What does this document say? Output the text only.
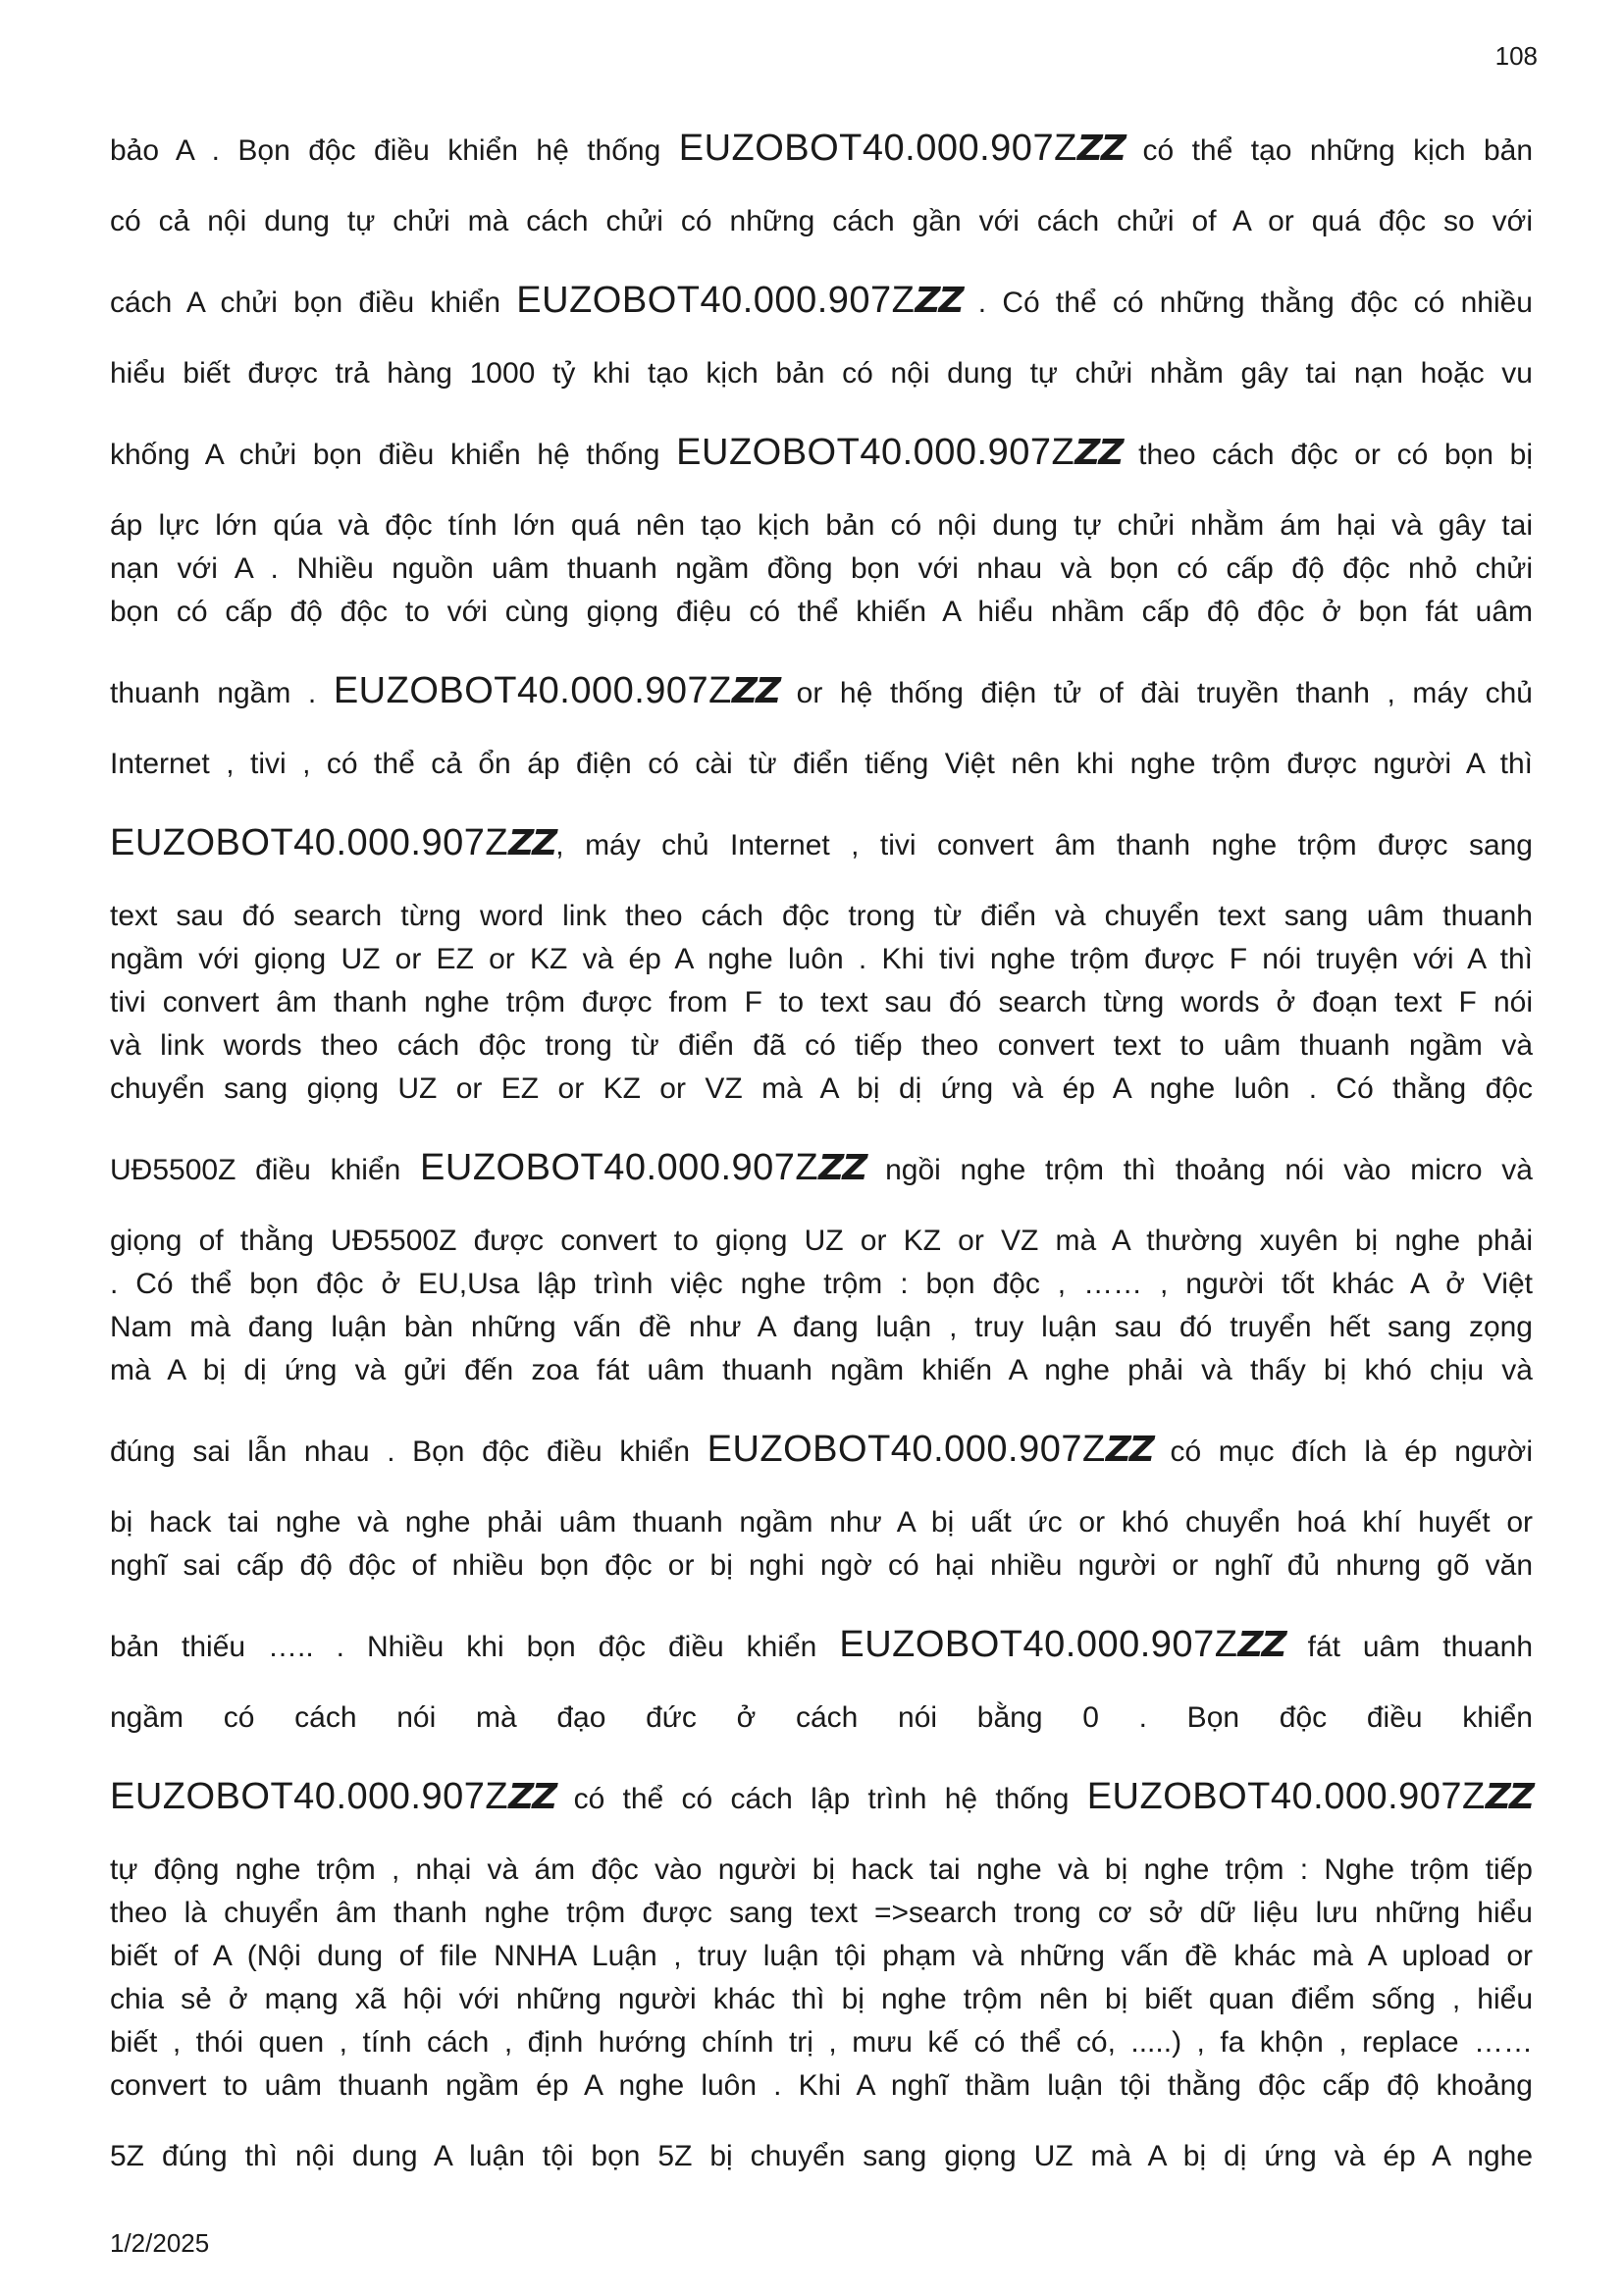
108
bảo A . Bọn độc điều khiển hệ thống EUZOBOT40.000.907ZZZ có thể tạo những kịch bản
có cả nội dung tự chửi mà cách chửi có những cách gần với cách chửi of A or quá độc so với
cách A chửi bọn điều khiển EUZOBOT40.000.907ZZZ . Có thể có những thằng độc có nhiều
hiểu biết được trả hàng 1000 tỷ khi tạo kịch bản có nội dung tự chửi nhằm gây tai nạn hoặc vu
khống A chửi bọn điều khiển hệ thống EUZOBOT40.000.907ZZZ theo cách độc or có bọn bị
áp lực lớn qúa và độc tính lớn quá nên tạo kịch bản có nội dung tự chửi nhằm ám hại và gây tai
nạn với A . Nhiều nguồn uâm thuanh ngầm đồng bọn với nhau và bọn có cấp độ độc nhỏ chửi
bọn có cấp độ độc to với cùng giọng điệu có thể khiến A hiểu nhầm cấp độ độc ở bọn fát uâm
thuanh ngầm . EUZOBOT40.000.907ZZZ or hệ thống điện tử of đài truyền thanh , máy chủ
Internet , tivi , có thể cả ổn áp điện có cài từ điển tiếng Việt nên khi nghe trộm được người A thì
EUZOBOT40.000.907ZZZ, máy chủ Internet , tivi convert âm thanh nghe trộm được sang
text sau đó search từng word link theo cách độc trong từ điển và chuyển text sang uâm thuanh
ngầm với giọng UZ or EZ or KZ và ép A nghe luôn . Khi tivi nghe trộm được F nói truyện với A thì
tivi convert âm thanh nghe trộm được from F to text sau đó search từng words ở đoạn text F nói
và link words theo cách độc trong từ điển đã có tiếp theo convert text to uâm thuanh ngầm và
chuyển sang giọng UZ or EZ or KZ or VZ mà A bị dị ứng và ép A nghe luôn . Có thằng độc
UĐ5500Z điều khiển EUZOBOT40.000.907ZZZ ngồi nghe trộm thì thoảng nói vào micro và
giọng of thằng UĐ5500Z được convert to giọng UZ or KZ or VZ mà A thường xuyên bị nghe phải
. Có thể bọn độc ở EU,Usa lập trình việc nghe trộm : bọn độc , …… , người tốt khác A ở Việt
Nam mà đang luận bàn những vấn đề như A đang luận , truy luận sau đó truyển hết sang zọng
mà A bị dị ứng và gửi đến zoa fát uâm thuanh ngầm khiến A nghe phải và thấy bị khó chịu và
đúng sai lẫn nhau . Bọn độc điều khiển EUZOBOT40.000.907ZZZ có mục đích là ép người
bị hack tai nghe và nghe phải uâm thuanh ngầm như A bị uất ức or khó chuyển hoá khí huyết or
nghĩ sai cấp độ độc of nhiều bọn độc or bị nghi ngờ có hại nhiều người or nghĩ đủ nhưng gõ văn
bản thiếu ….. . Nhiều khi bọn độc điều khiển EUZOBOT40.000.907ZZZ fát uâm thuanh
ngầm có cách nói mà đạo đức ở cách nói bằng 0 . Bọn độc điều khiển
EUZOBOT40.000.907ZZZ có thể có cách lập trình hệ thống EUZOBOT40.000.907ZZZ
tự động nghe trộm , nhại và ám độc vào người bị hack tai nghe và bị nghe trộm : Nghe trộm tiếp
theo là chuyển âm thanh nghe trộm được sang text =>search trong cơ sở dữ liệu lưu những hiểu
biết of A (Nội dung of file NNHA Luận , truy luận tội phạm và những vấn đề khác mà A upload or
chia sẻ ở mạng xã hội với những người khác thì bị nghe trộm nên bị biết quan điểm sống , hiểu
biết , thói quen , tính cách , định hướng chính trị , mưu kế có thể có, .....) , fa khộn , replace ……
convert to uâm thuanh ngầm ép A nghe luôn . Khi A nghĩ thầm luận tội thằng độc cấp độ khoảng
5Z đúng thì nội dung A luận tội bọn 5Z bị chuyển sang giọng UZ mà A bị dị ứng và ép A nghe
1/2/2025
